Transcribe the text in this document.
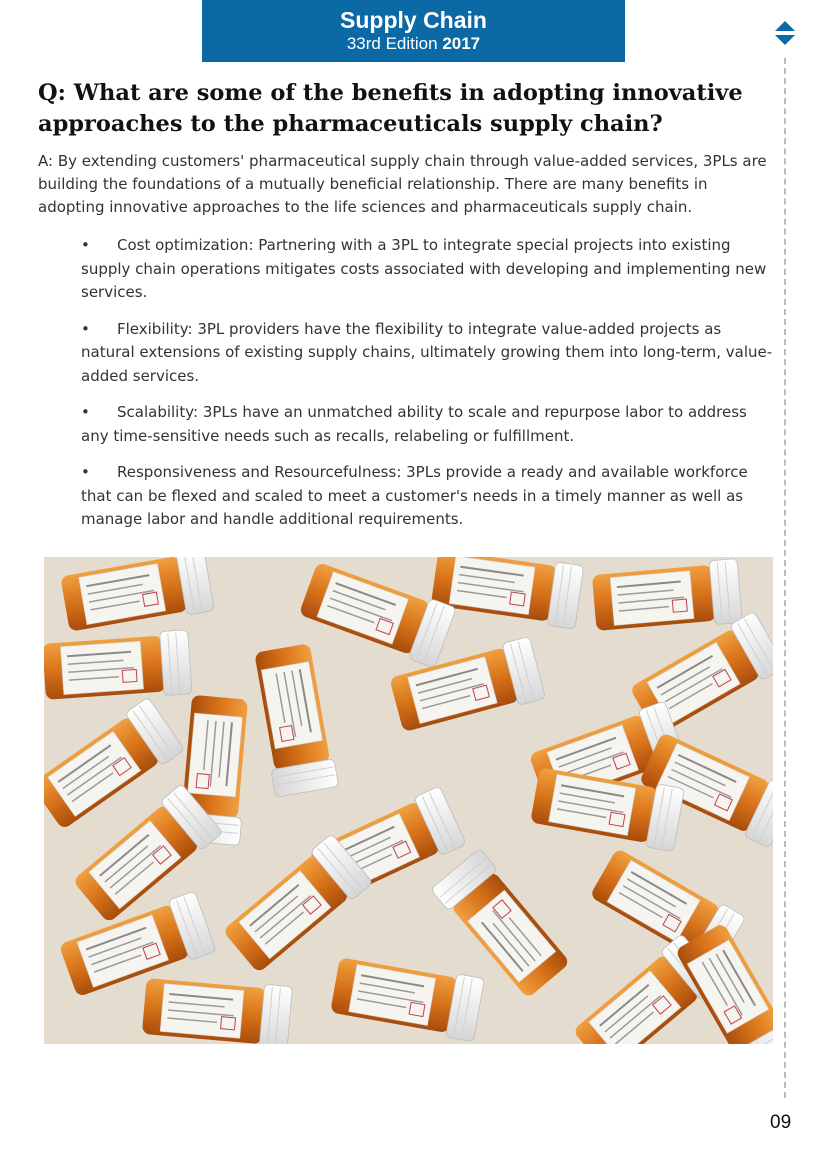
Supply Chain
33rd Edition 2017
Q: What are some of the benefits in adopting innovative approaches to the pharmaceuticals supply chain?
A: By extending customers' pharmaceutical supply chain through value-added services, 3PLs are building the foundations of a mutually beneficial relationship. There are many benefits in adopting innovative approaches to the life sciences and pharmaceuticals supply chain.
• Cost optimization: Partnering with a 3PL to integrate special projects into existing supply chain operations mitigates costs associated with developing and implementing new services.
• Flexibility: 3PL providers have the flexibility to integrate value-added projects as natural extensions of existing supply chains, ultimately growing them into long-term, value-added services.
• Scalability: 3PLs have an unmatched ability to scale and repurpose labor to address any time-sensitive needs such as recalls, relabeling or fulfillment.
• Responsiveness and Resourcefulness: 3PLs provide a ready and available workforce that can be flexed and scaled to meet a customer's needs in a timely manner as well as manage labor and handle additional requirements.
09
